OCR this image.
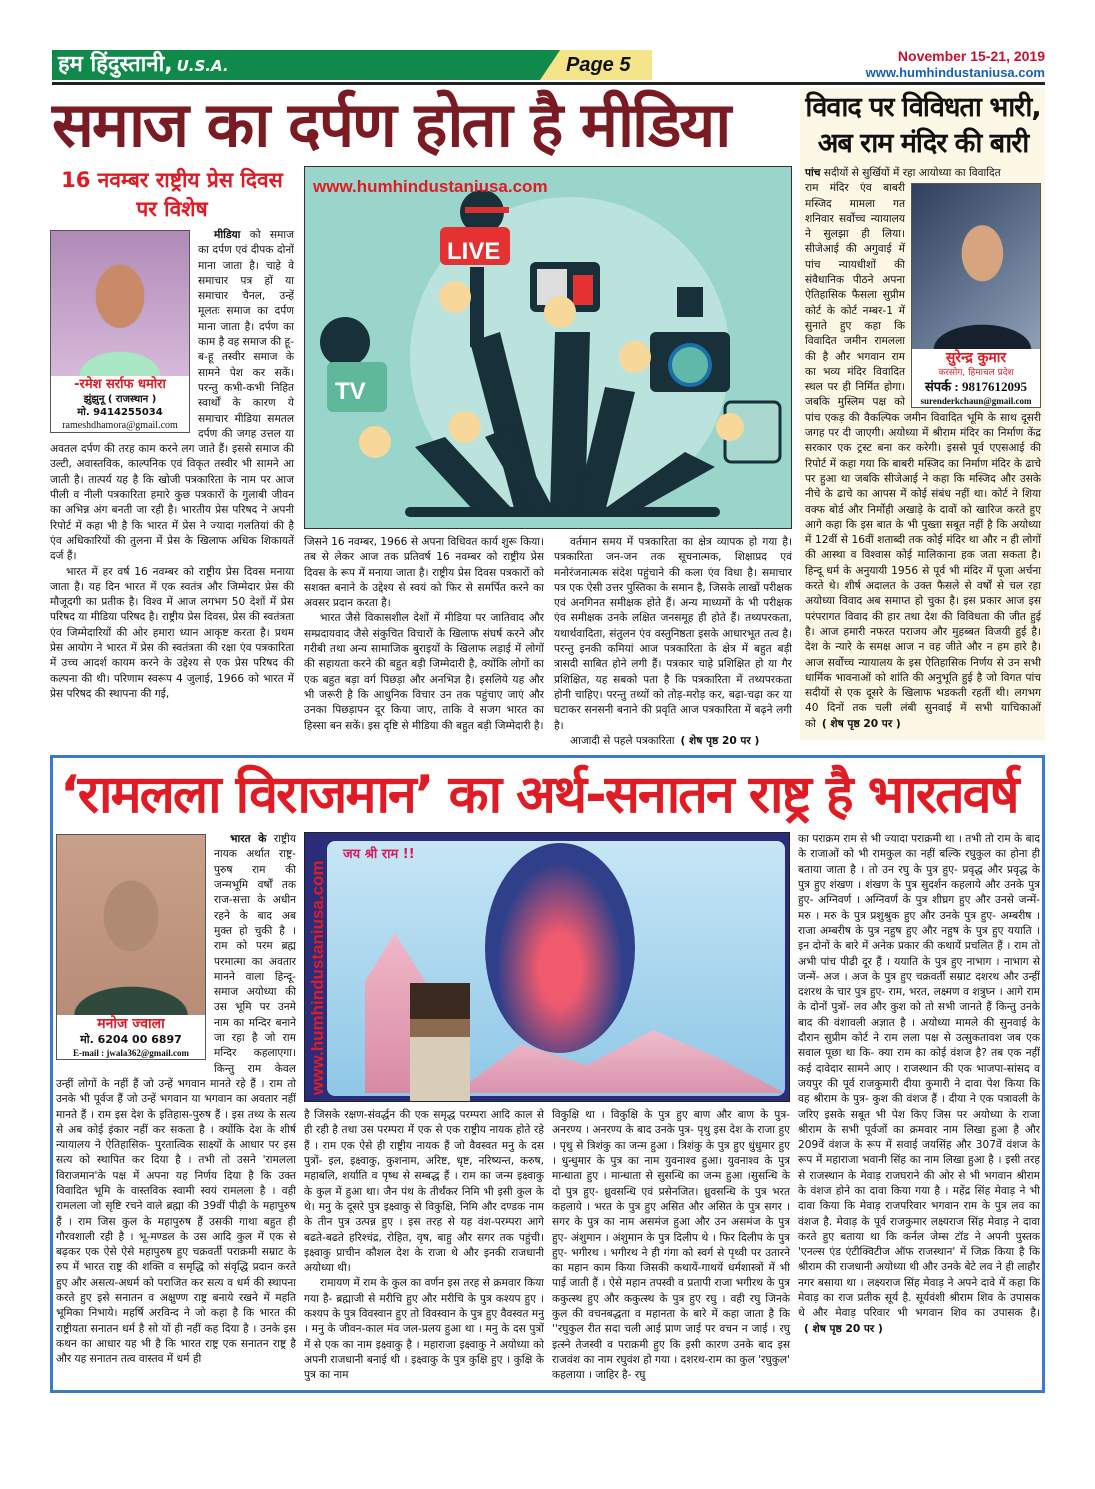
हम हिंदुस्तानी, U.S.A.	Page 5	November 15-21, 2019
www.humhindustaniusa.com
समाज का दर्पण होता है मीडिया
16 नवम्बर राष्ट्रीय प्रेस दिवस पर विशेष
-रमेश सर्राफ धमोरा
झुंझुनू ( राजस्थान )
मो. 9414255034
rameshdhamora@gmail.com

मीडिया को समाज का दर्पण एवं दीपक दोनों माना जाता है। चाहे वे समाचार पत्र हों या समाचार चैनल, उन्हें मूलतः समाज का दर्पण माना जाता है। दर्पण का काम है वह समाज की हू-ब-हू तस्वीर समाज के सामने पेश कर सकें। परन्तु कभी-कभी निहित स्वार्थों के कारण ये समाचार मीडिया समतल दर्पण की जगह उत्तल या अवतल दर्पण की तरह काम करने लग जाते हैं। इससे समाज की उल्टी, अवास्तविक, काल्पनिक एवं विकृत तस्वीर भी सामने आ जाती है। तात्पर्य यह है कि खोजी पत्रकारिता के नाम पर आज पीली व नीली पत्रकारिता हमारे कुछ पत्रकारों के गुलाबी जीवन का अभिन्न अंग बनती जा रही है। भारतीय प्रेस परिषद ने अपनी रिपोर्ट में कहा भी है कि भारत में प्रेस ने ज्यादा गलतियां की है एंव अधिकारियों की तुलना में प्रेस के खिलाफ अधिक शिकायतें दर्ज हैं।

भारत में हर वर्ष 16 नवम्बर को राष्ट्रीय प्रेस दिवस मनाया जाता है। यह दिन भारत में एक स्वतंत्र और जिम्मेदार प्रेस की मौजूदगी का प्रतीक है। विश्व में आज लगभग 50 देशों में प्रेस परिषद या मीडिया परिषद है। राष्ट्रीय प्रेस दिवस, प्रेस की स्वतंत्रता एंव जिम्मेदारियों की ओर हमारा ध्यान आकृष्ट करता है। प्रथम प्रेस आयोग ने भारत में प्रेस की स्वतंत्रता की रक्षा एंव पत्रकारिता में उच्च आदर्श कायम करने के उद्देश्य से एक प्रेस परिषद की कल्पना की थी। परिणाम स्वरूप 4 जुलाई, 1966 को भारत में प्रेस परिषद की स्थापना की गई,

LIVE
TV
www.humhindustaniusa.com

जिसने 16 नवम्बर, 1966 से अपना विधिवत कार्य शुरू किया। तब से लेकर आज तक प्रतिवर्ष 16 नवम्बर को राष्ट्रीय प्रेस दिवस के रूप में मनाया जाता है। राष्ट्रीय प्रेस दिवस पत्रकारों को सशक्त बनाने के उद्देश्य से स्वयं को फिर से समर्पित करने का अवसर प्रदान करता है।

भारत जैसे विकासशील देशों में मीडिया पर जातिवाद और सम्प्रदायवाद जैसे संकुचित विचारों के खिलाफ संघर्ष करने और गरीबी तथा अन्य सामाजिक बुराइयों के खिलाफ लड़ाई में लोगों की सहायता करने की बहुत बड़ी जिम्मेदारी है, क्योंकि लोगों का एक बहुत बड़ा वर्ग पिछड़ा और अनभिज्ञ है। इसलिये यह और भी जरूरी है कि आधुनिक विचार उन तक पहुंचाए जाएं और उनका पिछड़ापन दूर किया जाए, ताकि वे सजग भारत का हिस्सा बन सकें। इस दृष्टि से मीडिया की बहुत बड़ी जिम्मेदारी है।

वर्तमान समय में पत्रकारिता का क्षेत्र व्यापक हो गया है। पत्रकारिता जन-जन तक सूचनात्मक, शिक्षाप्रद एवं मनोरंजनात्मक संदेश पहुंचाने की कला एंव विधा है। समाचार पत्र एक ऐसी उत्तर पुस्तिका के समान है, जिसके लाखों परीक्षक एवं अनगिनत समीक्षक होते हैं। अन्य माध्यमों के भी परीक्षक एंव समीक्षक उनके लक्षित जनसमूह ही होते हैं। तथ्यपरकता, यथार्थवादिता, संतुलन एंव वस्तुनिष्ठता इसके आधारभूत तत्व है। परन्तु इनकी कमियां आज पत्रकारिता के क्षेत्र में बहुत बड़ी त्रासदी साबित होने लगी हैं। पत्रकार चाहे प्रशिक्षित हो या गैर प्रशिक्षित, यह सबको पता है कि पत्रकारिता में तथ्यपरकता होनी चाहिए। परन्तु तथ्यों को तोड़-मरोड़ कर, बढ़ा-चढ़ा कर या घटाकर सनसनी बनाने की प्रवृति आज पत्रकारिता में बढ़ने लगी है।

आजादी से पहले पत्रकारिता ( शेष पृष्ठ 20 पर )

विवाद पर विविधता भारी, अब राम मंदिर की बारी

पांच सदीयों से सुर्खियों में रहा आयोध्या का विवादित

सुरेन्द्र कुमार
करसोग, हिमाचल प्रदेश
संपर्क : 9817612095
surenderkchaun@gmail.com

राम मंदिर एंव बाबरी मस्जिद मामला गत शनिवार सर्वोच्च न्यायालय ने सुलझा ही लिया। सीजेआई की अगुवाई में पांच न्यायधीशों की संवैधानिक पीठने अपना ऐतिहासिक फैसला सुप्रीम कोर्ट के कोर्ट नम्बर-1 में सुनाते हुए कहा कि विवादित जमीन रामलला की है और भगवान राम का भव्य मंदिर विवादित स्थल पर ही निर्मित होगा। जबकि मुस्लिम पक्ष को पांच एकड़ की वैकल्पिक जमीन विवादित भूमि के साथ दूसरी जगह पर दी जाएगी। अयोध्या में श्रीराम मंदिर का निर्माण केंद्र सरकार एक ट्रस्ट बना कर करेगी। इससे पूर्व एएसआई की रिपोर्ट में कहा गया कि बाबरी मस्जिद का निर्माण मंदिर के ढाचे पर हुआ था जबकि सीजेआई ने कहा कि मस्जिद और उसके नीचे के ढाचे का आपस में कोई संबंध नहीं था। कोर्ट ने शिया वक्फ बोर्ड और निर्मोही अखाड़े के दावों को खारिज करते हुए आगे कहा कि इस बात के भी पुख्ता सबूत नहीं है कि अयोध्या में 12वीं से 16वीं शताब्दी तक कोई मंदिर था और न ही लोगों की आस्था व विश्वास कोई मालिकाना हक जता सकता है। हिन्दू धर्म के अनुयायी 1956 से पूर्व भी मंदिर में पूजा अर्चना करते थे। शीर्ष अदालत के उक्त फैसले से वर्षों से चल रहा अयोध्या विवाद अब समाप्त हो चुका है। इस प्रकार आज इस परंपरागत विवाद की हार तथा देश की विविधता की जीत हुई है। आज हमारी नफरत पराजय और मुहब्बत विजयी हुई है। देश के न्यारे के समक्ष आज न वह जीते और न हम हारे है। आज सर्वोच्च न्यायालय के इस ऐतिहासिक निर्णय से उन सभी धार्मिक भावनाओं को शांति की अनुभूति हुई है जो विगत पांच सदीयों से एक दूसरे के खिलाफ भडकती रहतीं थी। लगभग 40 दिनों तक चली लंबी सुनवाई में सभी याचिकाओं को ( शेष पृष्ठ 20 पर )

‘रामलला विराजमान’ का अर्थ-सनातन राष्ट्र है भारतवर्ष
मनोज ज्वाला
मो. 6204 00 6897
E-mail : jwala362@gmail.com

भारत के राष्ट्रीय नायक अर्थात राष्ट्र-पुरुष राम की जन्मभूमि वर्षों तक राज-सत्ता के अधीन रहने के बाद अब मुक्त हो चुकी है । राम को परम ब्रह्म परमात्मा का अवतार मानने वाला हिन्दू-समाज अयोध्या की उस भूमि पर उनमे नाम का मन्दिर बनाने जा रहा है जो राम मन्दिर कहलाएगा। किन्तु राम केवल उन्हीं लोगों के नहीं हैं जो उन्हें भगवान मानते रहे हैं । राम तो उनके भी पूर्वज हैं जो उन्हें भगवान या भगवान का अवतार नहीं मानते हैं । राम इस देश के इतिहास-पुरुष हैं । इस तथ्य के सत्य से अब कोई इंकार नहीं कर सकता है । क्योंकि देश के शीर्ष न्यायालय ने ऐतिहासिक- पुरतात्विक साक्ष्यों के आधार पर इस सत्य को स्थापित कर दिया है । तभी तो उसने 'रामलला विराजमान'के पक्ष में अपना यह निर्णय दिया है कि उक्त विवादित भूमि के वास्तविक स्वामी स्वयं रामलला है । वही रामलला जो सृष्टि रचने वाले ब्रह्मा की 39वीं पीढ़ी के महापुरुष हैं । राम जिस कुल के महापुरुष हैं उसकी गाथा बहुत ही गौरवशाली रही है । भू-मण्डल के उस आदि कुल में एक से बढ़कर एक ऐसे ऐसे महापुरुष हुए चक्रवर्ती पराक्रमी सम्राट के रुप में भारत राष्ट्र की शक्ति व समृद्धि को संवृद्धि प्रदान करते हुए और असत्य-अधर्म को पराजित कर सत्य व धर्म की स्थापना करते हुए इसे सनातन व अक्षुण्ण राष्ट्र बनाये रखने में महति भूमिका निभाये। महर्षि अरविन्द ने जो कहा है कि भारत की राष्ट्रीयता सनातन धर्म है सो यों ही नहीं कह दिया है । उनके इस कथन का आधार यह भी है कि भारत राष्ट्र एक सनातन राष्ट्र है और यह सनातन तत्व वास्तव में धर्म ही

जय श्री राम !!
www.humhindustaniusa.com

है जिसके रक्षण-संवर्द्धन की एक समृद्ध परम्परा आदि काल से ही रही है तथा उस परम्परा में एक से एक राष्ट्रीय नायक होते रहे हैं । राम एक ऐसे ही राष्ट्रीय नायक हैं जो वैवस्वत मनु के दस पुत्रों- इल, इक्ष्वाकु, कुशनाम, अरिष्ट, धृष्ट, नरिष्यन्त, करुष, महाबलि, शर्याति व पृष्ध से सम्बद्ध हैं । राम का जन्म इक्ष्वाकु के कुल में हुआ था। जैन पंथ के तीर्थंकर निमि भी इसी कुल के थे। मनु के दूसरे पुत्र इक्ष्वाकु से विकुक्षि, निमि और दण्डक नाम के तीन पुत्र उत्पन्न हुए । इस तरह से यह वंश-परम्परा आगे बढते-बढते हरिश्चंद्र, रोहित, वृष, बाहु और सगर तक पहुंची। इक्ष्वाकु प्राचीन कौशल देश के राजा थे और इनकी राजधानी अयोध्या थी।

रामायण में राम के कुल का वर्णन इस तरह से क्रमवार किया गया है- ब्रह्माजी से मरीचि हुए और मरीचि के पुत्र कश्यप हुए । कश्यप के पुत्र विवस्वान हुए तो विवस्वान के पुत्र हुए वैवस्वत मनु । मनु के जीवन-काल मंव जल-प्रलय हुआ था । मनु के दस पुत्रों में से एक का नाम इक्ष्वाकु है । महाराजा इक्ष्वाकु ने अयोध्या को अपनी राजधानी बनाई थी । इक्ष्वाकु के पुत्र कुक्षि हुए । कुक्षि के पुत्र का नाम

विकुक्षि था । विकुक्षि के पुत्र हुए बाण और बाण के पुत्र- अनरण्य । अनरण्य के बाद उनके पुत्र- पृथु इस देश के राजा हुए । पृथु से त्रिशंकु का जन्म हुआ । त्रिशंकु के पुत्र हुए धुंधुमार हुए । धुन्धुमार के पुत्र का नाम युवनाश्व हुआ। युवनाश्व के पुत्र मान्धाता हुए । मान्धाता से सुसन्धि का जन्म हुआ ।सुसन्धि के दो पुत्र हुए- ध्रुवसन्धि एवं प्रसेनजित। ध्रुवसन्धि के पुत्र भरत कहलाये । भरत के पुत्र हुए असित और असित के पुत्र सगर । सगर के पुत्र का नाम असमंज हुआ और उन असमंज के पुत्र हुए- अंशुमान । अंशुमान के पुत्र दिलीप थे । फिर दिलीप के पुत्र हुए- भगीरथ । भगीरथ ने ही गंगा को स्वर्ग से पृथ्वी पर उतारने का महान काम किया जिसकी कथायें-गाथयें धर्मशास्त्रों में भी पाई जाती हैं । ऐसे महान तपस्वी व प्रतापी राजा भगीरथ के पुत्र ककुत्स्थ हुए और ककुत्स्थ के पुत्र हुए रघु । वही रघु जिनके कुल की वचनबद्धता व महानता के बारे में कहा जाता है कि ''रघुकुल रीत सदा चली आई प्राण जाई पर वचन न जाई । रघु इत्स्ने तेजस्वी व पराक्रमी हुए कि इसी कारण उनके बाद इस राजवंश का नाम रघुवंश हो गया । दशरथ-राम का कुल 'रघुकुल' कहलाया । जाहिर है- रघु

का पराक्रम राम से भी ज्यादा पराक्रमी था । तभी तो राम के बाद के राजाओं को भी रामकुल का नहीं बल्कि रघुकुल का होना ही बताया जाता है । तो उन रघु के पुत्र हुए- प्रवृद्ध और प्रवृद्ध के पुत्र हुए शंखण । शंखण के पुत्र सुदर्शन कहलाये और उनके पुत्र हुए- अग्निवर्ण । अग्निवर्ण के पुत्र शीघ्रग हुए और उनसे जन्में- मरु । मरु के पुत्र प्रशुश्रुक हुए और उनके पुत्र हुए- अम्बरीष । राजा अम्बरीष के पुत्र नहुष हुए और नहुष के पुत्र हुए ययाति । इन दोनों के बारे में अनेक प्रकार की कथायें प्रचलित हैं । राम तो अभी पांच पीढी दूर हैं । ययाति के पुत्र हुए नाभाग । नाभाग से जन्में- अज । अज के पुत्र हुए चक्रवर्ती सम्राट दशरथ और उन्हीं दशरथ के चार पुत्र हुए- राम, भरत, लक्ष्मण व शत्रुघ्न । आगे राम के दोनों पुत्रों- लव और कुश को तो सभी जानते हैं किन्तु उनके बाद की वंशावली अज्ञात है । अयोध्या मामले की सुनवाई के दौरान सुप्रीम कोर्ट ने राम लला पक्ष से उत्सुकतावश जब एक सवाल पूछा था कि- क्या राम का कोई वंशज है? तब एक नहीं कई दावेदार सामने आए । राजस्थान की एक भाजपा-सांसद व जयपुर की पूर्व राजकुमारी दीया कुमारी ने दावा पेश किया कि वह श्रीराम के पुत्र- कुश की वंशज हैं । दीया ने एक पत्रावली के जरिए इसके सबूत भी पेश किए जिस पर अयोध्या के राजा श्रीराम के सभी पूर्वजों का क्रमवार नाम लिखा हुआ है और 209वें वंशज के रूप में सवाई जयसिंह और 307वें वंशज के रूप में महाराजा भवानी सिंह का नाम लिखा हुआ है । इसी तरह से राजस्थान के मेवाड़ राजघराने की ओर से भी भगवान श्रीराम के वंशज होने का दावा किया गया है । महेंद्र सिंह मेवाड़ ने भी दावा किया कि मेवाड़ राजपरिवार भगवान राम के पुत्र लव का वंशज है. मेवाड़ के पूर्व राजकुमार लक्ष्यराज सिंह मेवाड़ ने दावा करते हुए बताया था कि कर्नल जेम्स टॉड ने अपनी पुस्तक 'एनल्स एंड एंटीक्विटीज ऑफ राजस्थान' में जिक्र किया है कि श्रीराम की राजधानी अयोध्या थी और उनके बेटे लव ने ही लाहौर नगर बसाया था । लक्ष्यराज सिंह मेवाड़ ने अपने दावे में कहा कि मेवाड़ का राज प्रतीक सूर्य है. सूर्यवंशी श्रीराम शिव के उपासक थे और मेवाड़ परिवार भी भगवान शिव का उपासक है।( शेष पृष्ठ 20 पर )
